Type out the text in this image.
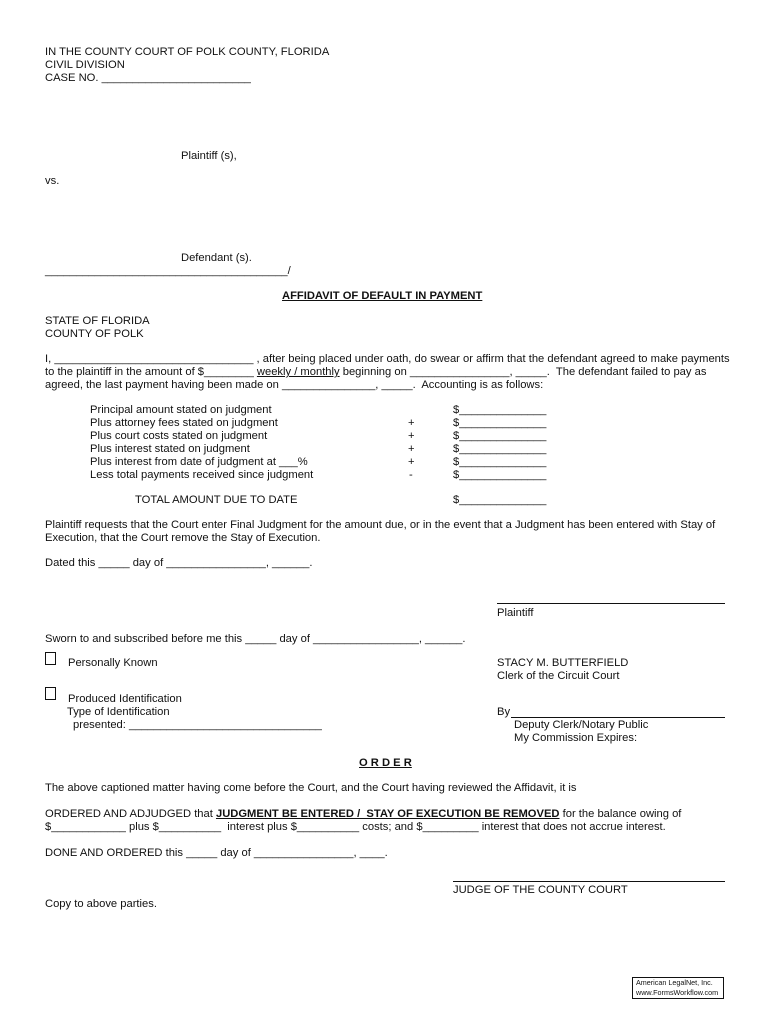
IN THE COUNTY COURT OF POLK COUNTY, FLORIDA
CIVIL DIVISION
CASE NO. ________________________
Plaintiff (s),
vs.
Defendant (s).
_______________________________________/
AFFIDAVIT OF DEFAULT IN PAYMENT
STATE OF FLORIDA
COUNTY OF POLK
I, ________________________________ , after being placed under oath, do swear or affirm that the defendant agreed to make payments
to the plaintiff in the amount of $________ weekly / monthly beginning on ________________, _____.  The defendant failed to pay as
agreed, the last payment having been made on _______________, _____.  Accounting is as follows:
Principal amount stated on judgment	$______________
Plus attorney fees stated on judgment	+	$______________
Plus court costs stated on judgment	+	$______________
Plus interest stated on judgment	+	$______________
Plus interest from date of judgment at ___%	+	$______________
Less total payments received since judgment	-	$______________
TOTAL AMOUNT DUE TO DATE	$______________
Plaintiff requests that the Court enter Final Judgment for the amount due, or in the event that a Judgment has been entered with Stay of
Execution, that the Court remove the Stay of Execution.
Dated this _____ day of ________________, ______.
Plaintiff
Sworn to and subscribed before me this _____ day of _________________, ______.
Personally Known
Produced Identification
Type of Identification
presented: _______________________________
STACY M. BUTTERFIELD
Clerk of the Circuit Court
By
Deputy Clerk/Notary Public
My Commission Expires:
O R D E R
The above captioned matter having come before the Court, and the Court having reviewed the Affidavit, it is
ORDERED AND ADJUDGED that JUDGMENT BE ENTERED /  STAY OF EXECUTION BE REMOVED for the balance owing of
$____________ plus $__________  interest plus $__________ costs; and $_________ interest that does not accrue interest.
DONE AND ORDERED this _____ day of ________________, ____.
JUDGE OF THE COUNTY COURT
Copy to above parties.
American LegalNet, Inc.
www.FormsWorkflow.com
